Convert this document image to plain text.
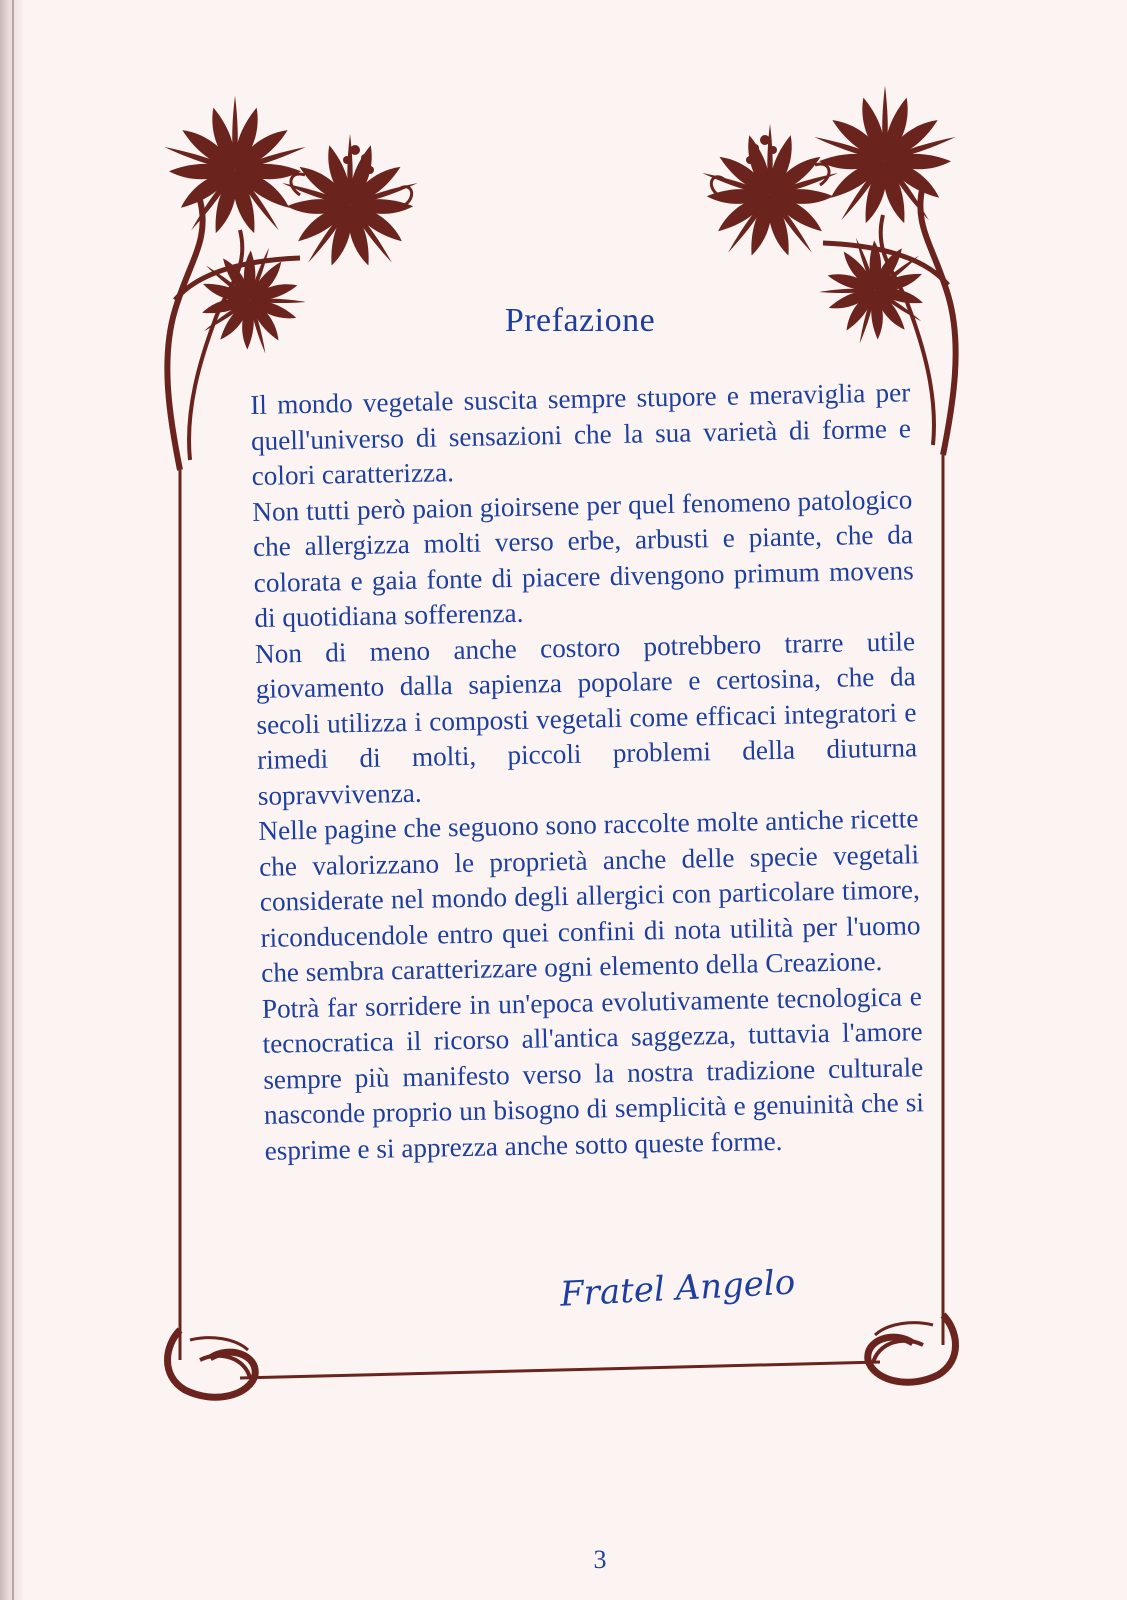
Prefazione

Il mondo vegetale suscita sempre stupore e meraviglia per quell'universo di sensazioni che la sua varietà di forme e colori caratterizza.

Non tutti però paion gioirsene per quel fenomeno patologico che allergizza molti verso erbe, arbusti e piante, che da colorata e gaia fonte di piacere divengono primum movens di quotidiana sofferenza.

Non di meno anche costoro potrebbero trarre utile giovamento dalla sapienza popolare e certosina, che da secoli utilizza i composti vegetali come efficaci integratori e rimedi di molti, piccoli problemi della diuturna sopravvivenza.

Nelle pagine che seguono sono raccolte molte antiche ricette che valorizzano le proprietà anche delle specie vegetali considerate nel mondo degli allergici con particolare timore, riconducendole entro quei confini di nota utilità per l'uomo che sembra caratterizzare ogni elemento della Creazione.

Potrà far sorridere in un'epoca evolutivamente tecnologica e tecnocratica il ricorso all'antica saggezza, tuttavia l'amore sempre più manifesto verso la nostra tradizione culturale nasconde proprio un bisogno di semplicità e genuinità che si esprime e si apprezza anche sotto queste forme.

Fratel Angelo
3
